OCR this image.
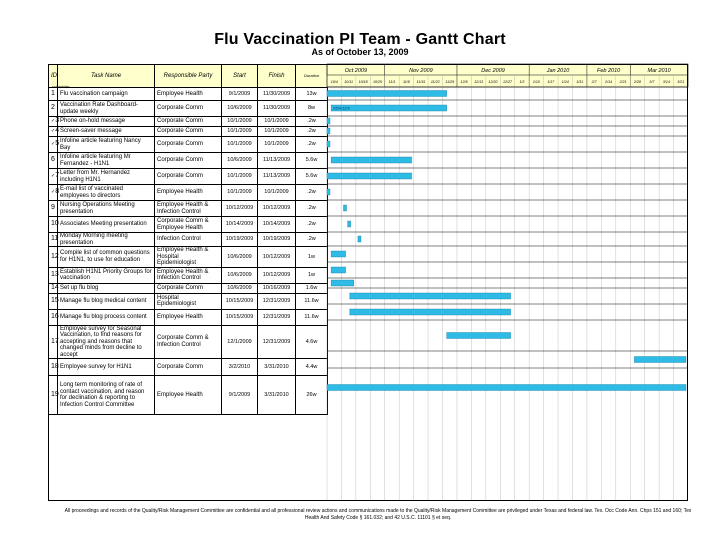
Flu Vaccination PI Team - Gantt Chart
As of October 13, 2009
ID	Task Name	Responsible Party	Start	Finish	Duration
1	Flu vaccination campaign	Employee Health	9/1/2009	11/30/2009	13w
2	Vaccination Rate Dashboard-update weekly	Corporate Comm	10/6/2009	11/30/2009	8w
✓3	Phone on-hold message	Corporate Comm	10/1/2009	10/1/2009	.2w
✓4	Screen-saver message	Corporate Comm	10/1/2009	10/1/2009	.2w
✓5	Infoline article featuring Nancy Bay	Corporate Comm	10/1/2009	10/1/2009	.2w
6	Infoline article featuring Mr Fernandez - H1N1	Corporate Comm	10/6/2009	11/13/2009	5.6w
✓7	Letter from Mr. Hernandez including H1N1	Corporate Comm	10/1/2009	11/13/2009	5.6w
✓8	E-mail list of vaccinated employees to directors	Employee Health	10/1/2009	10/1/2009	.2w
9	Nursing Operations Meeting presentation	Employee Health & Infection Control	10/12/2009	10/12/2009	.2w
10	Associates Meeting presentation	Corporate Comm & Employee Health	10/14/2009	10/14/2009	.2w
11	Monday Morning meeting presentation	Infection Control	10/19/2009	10/19/2009	.2w
12	Compile list of common questions for H1N1, to use for education	Employee Health & Hospital Epidemiologist	10/6/2009	10/12/2009	1w
13	Establish H1N1 Priority Groups for vaccination	Employee Health & Infection Control	10/6/2009	10/12/2009	1w
14	Set up flu blog	Corporate Comm	10/6/2009	10/16/2009	1.6w
15	Manage flu blog medical content	Hospital Epidemiologist	10/15/2009	12/31/2009	11.6w
16	Manage flu blog process content	Employee Health	10/15/2009	12/31/2009	11.6w
17	Employee survey for Seasonal Vaccination, to find reasons for accepting and reasons that changed minds from decline to accept	Corporate Comm & Infection Control	12/1/2009	12/31/2009	4.6w
18	Employee survey for H1N1	Corporate Comm	3/2/2010	3/31/2010	4.4w
19	Long term monitoring of rate of contact vaccination, and reason for declination & reporting to Infection Control Committee	Employee Health	9/1/2009	3/31/2010	26w
scheduler
Oct 2009	Nov 2009	Dec 2009	Jan 2010	Feb 2010	Mar 2010
10/4 10/11 10/18 10/25 11/1 11/8 11/15 11/22 11/29 12/6 12/13 12/20 12/27 1/3 1/10 1/17 1/24 1/31 2/7 2/14 2/21 2/28 3/7 3/14 3/21
25%/11%
All proceedings and records of the Quality/Risk Management Committee are confidential and all professional review actions and communications made to the Quality/Risk Management Committee are privileged under Texas and federal law. Tex. Occ Code Ann. Chps 151 and 160; Tex Health And Safety Code § 161.032; and 42 U.S.C. 11101 § et seq.
